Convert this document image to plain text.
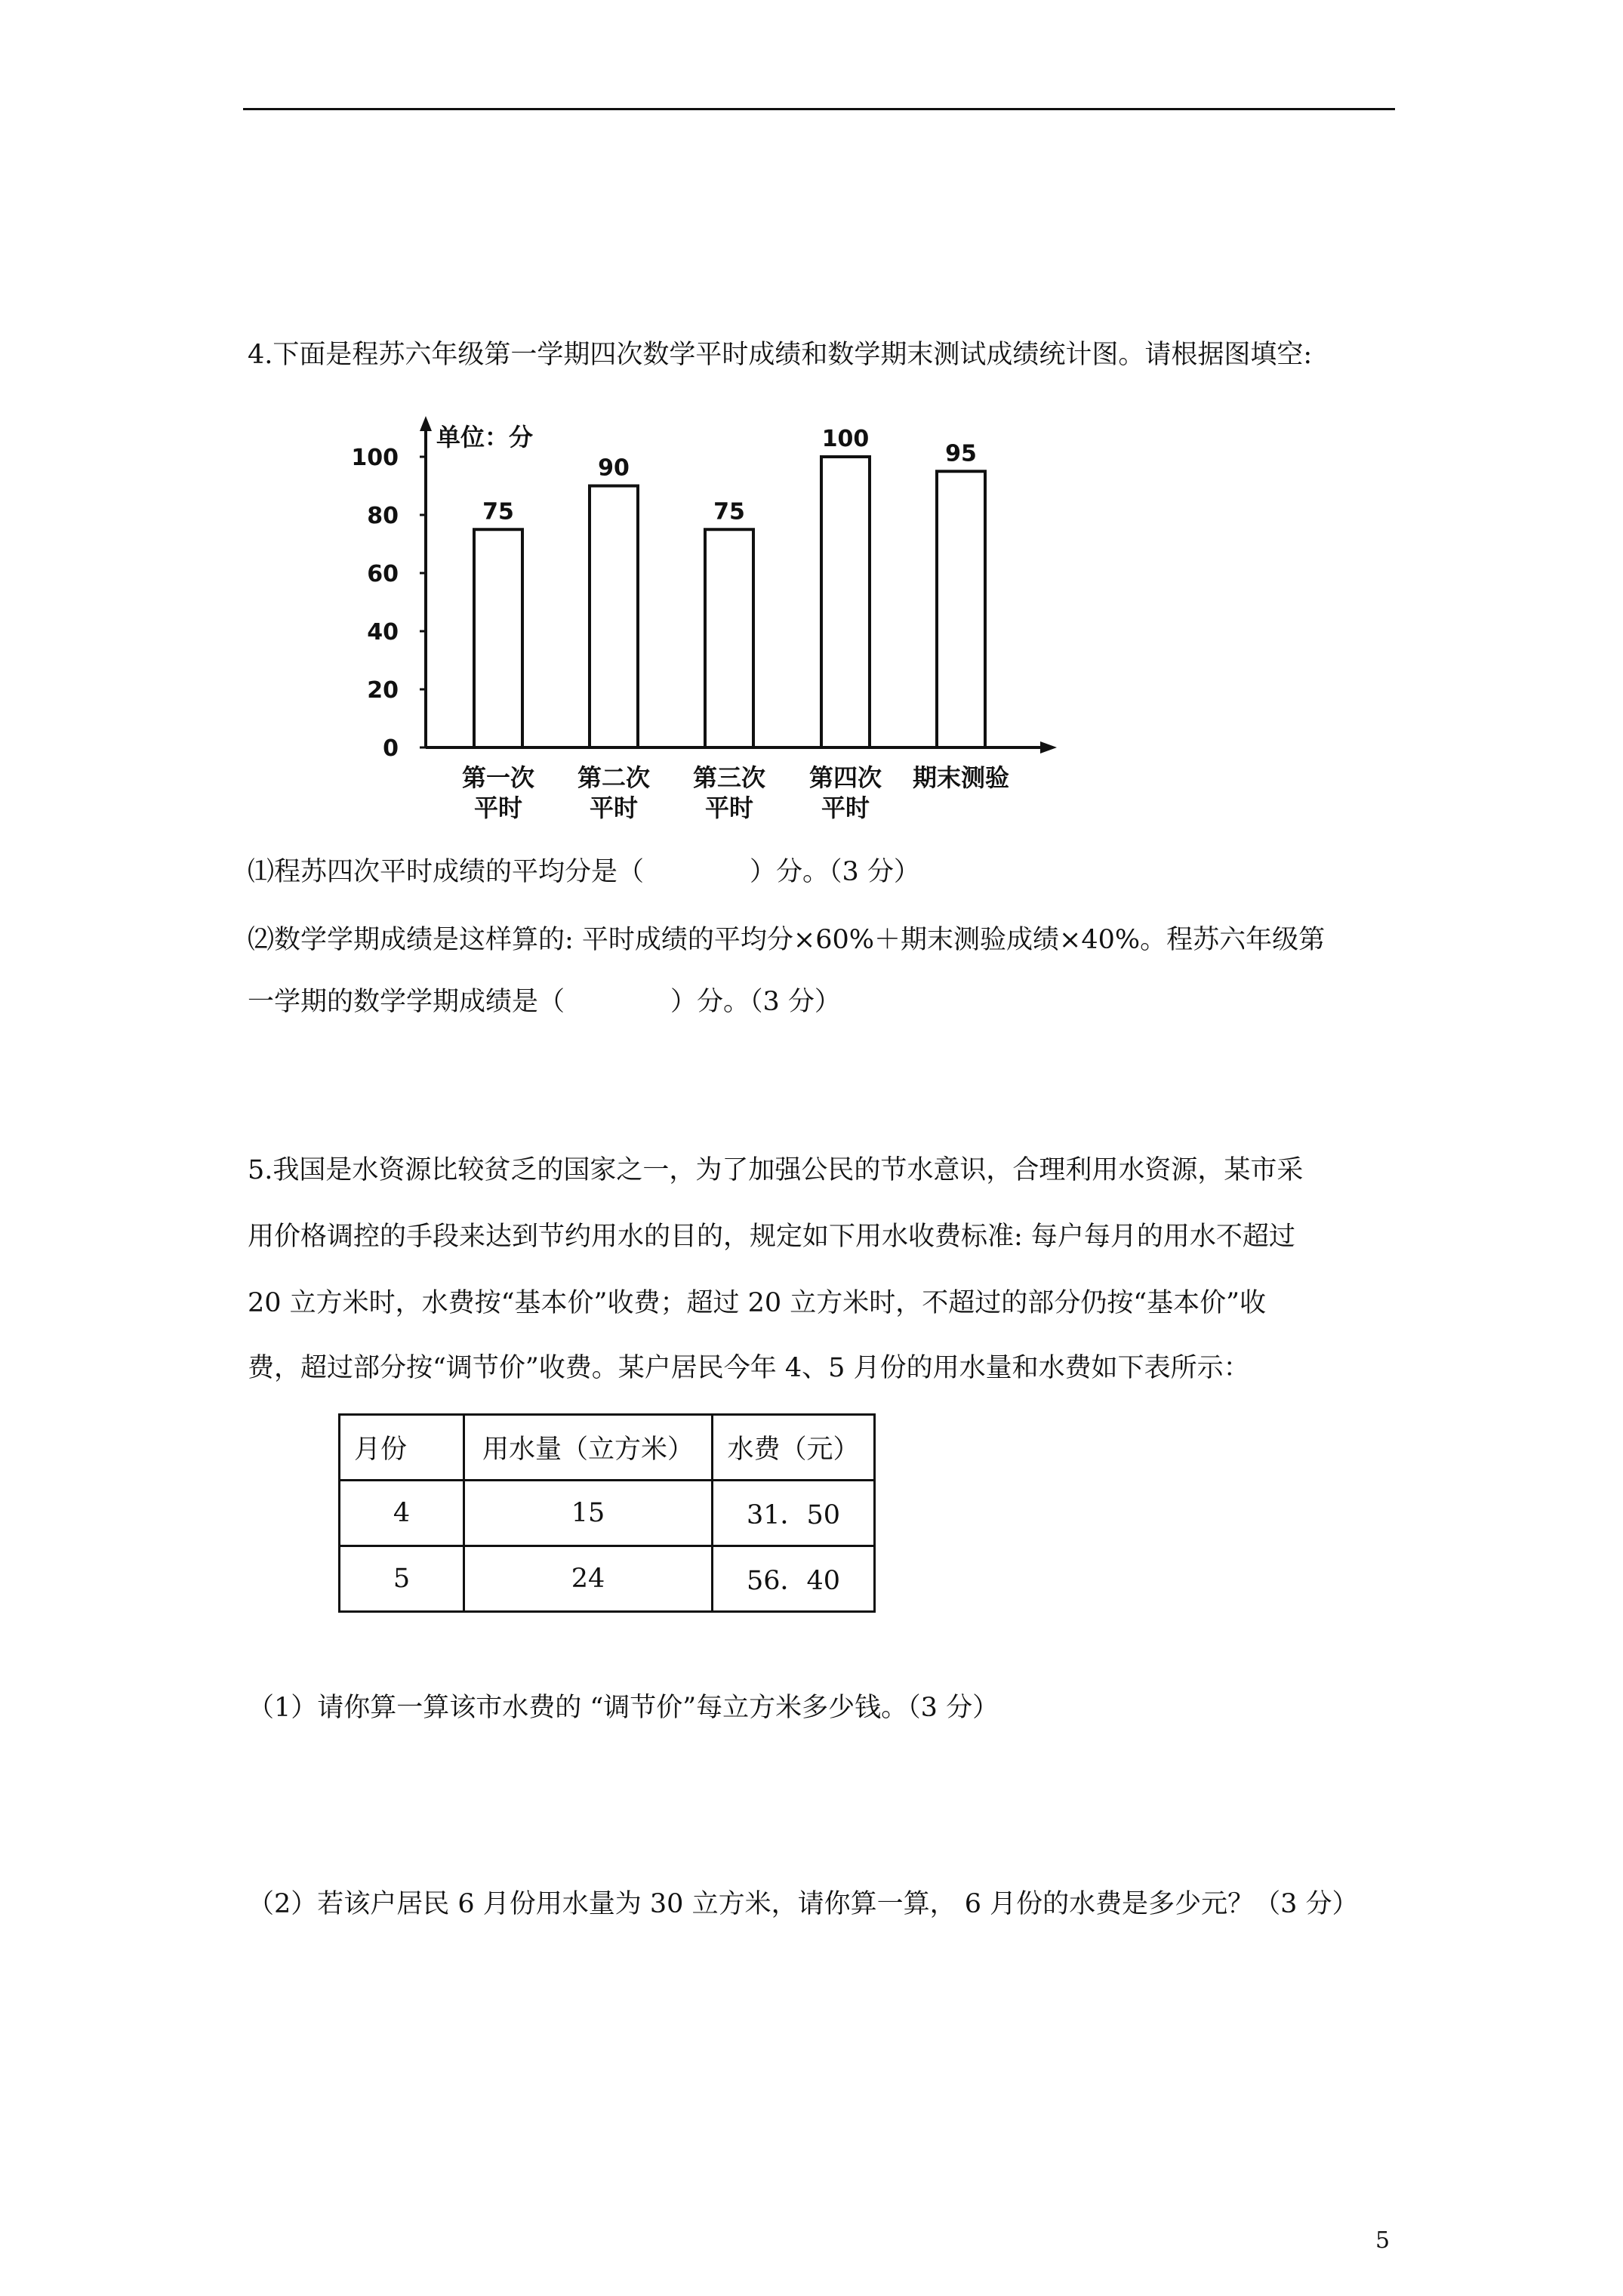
4.下面是程苏六年级第一学期四次数学平时成绩和数学期末测试成绩统计图。请根据图填空:
单位：分
0
20
40
60
80
100
75
第一次
平时
90
第二次
平时
75
第三次
平时
100
第四次
平时
95
期末测验
⑴程苏四次平时成绩的平均分是（　　　　）分。（3 分）
⑵数学学期成绩是这样算的: 平时成绩的平均分×60%＋期末测验成绩×40%。程苏六年级第
一学期的数学学期成绩是（　　　　）分。（3 分）
5.我国是水资源比较贫乏的国家之一，为了加强公民的节水意识，合理利用水资源，某市采
用价格调控的手段来达到节约用水的目的，规定如下用水收费标准: 每户每月的用水不超过
20 立方米时，水费按“基本价”收费；超过 20 立方米时，不超过的部分仍按“基本价”收
费，超过部分按“调节价”收费。某户居民今年 4、5 月份的用水量和水费如下表所示：
月份	用水量（立方米）	水费（元）
4	15	31．50
5	24	56．40
（1）请你算一算该市水费的 “调节价”每立方米多少钱。（3 分）
（2）若该户居民 6 月份用水量为 30 立方米，请你算一算， 6 月份的水费是多少元？（3 分）
5
